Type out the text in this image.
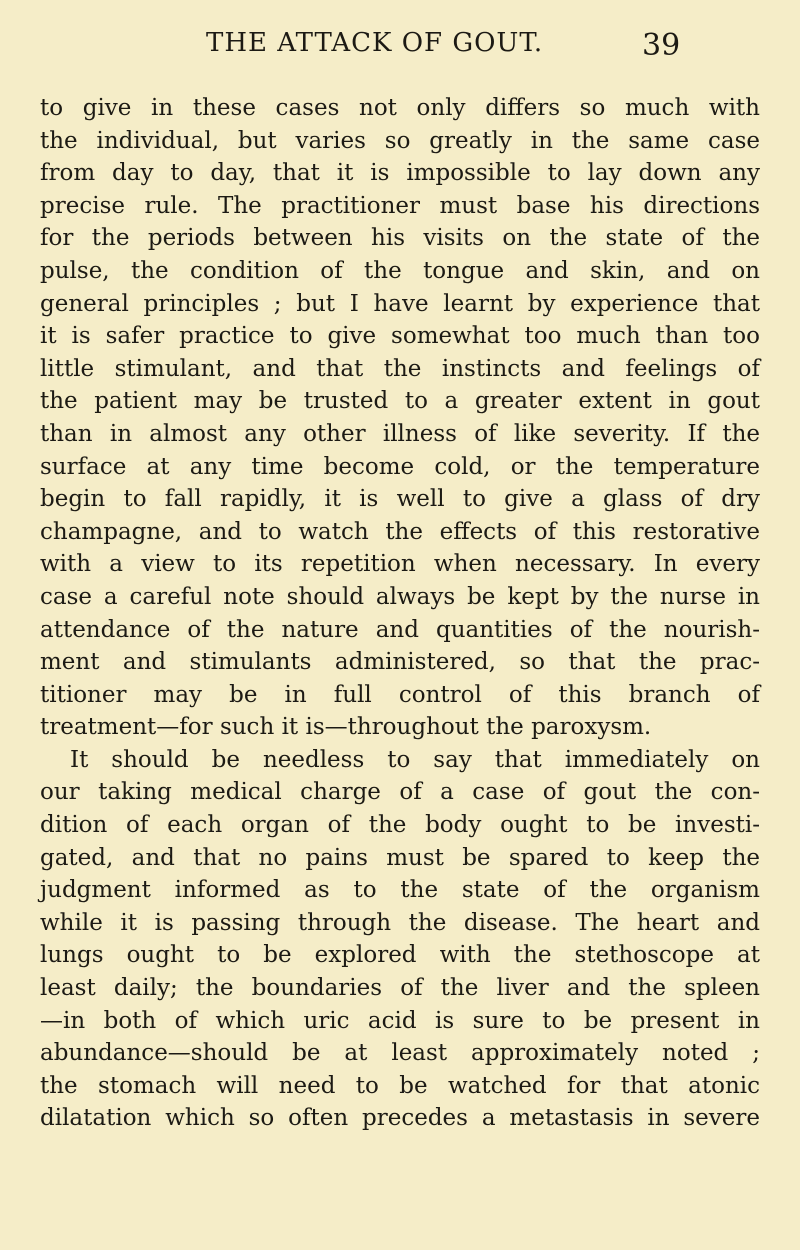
THE ATTACK OF GOUT.	39
to give in these cases not only differs so much with
the individual, but varies so greatly in the same case
from day to day, that it is impossible to lay down any
precise rule. The practitioner must base his directions
for the periods between his visits on the state of the
pulse, the condition of the tongue and skin, and on
general principles ; but I have learnt by experience that
it is safer practice to give somewhat too much than too
little stimulant, and that the instincts and feelings of
the patient may be trusted to a greater extent in gout
than in almost any other illness of like severity. If the
surface at any time become cold, or the temperature
begin to fall rapidly, it is well to give a glass of dry
champagne, and to watch the effects of this restorative
with a view to its repetition when necessary. In every
case a careful note should always be kept by the nurse in
attendance of the nature and quantities of the nourish-
ment and stimulants administered, so that the prac-
titioner may be in full control of this branch of
treatment—for such it is—throughout the paroxysm.
It should be needless to say that immediately on
our taking medical charge of a case of gout the con-
dition of each organ of the body ought to be investi-
gated, and that no pains must be spared to keep the
judgment informed as to the state of the organism
while it is passing through the disease. The heart and
lungs ought to be explored with the stethoscope at
least daily; the boundaries of the liver and the spleen
—in both of which uric acid is sure to be present in
abundance—should be at least approximately noted ;
the stomach will need to be watched for that atonic
dilatation which so often precedes a metastasis in severe
